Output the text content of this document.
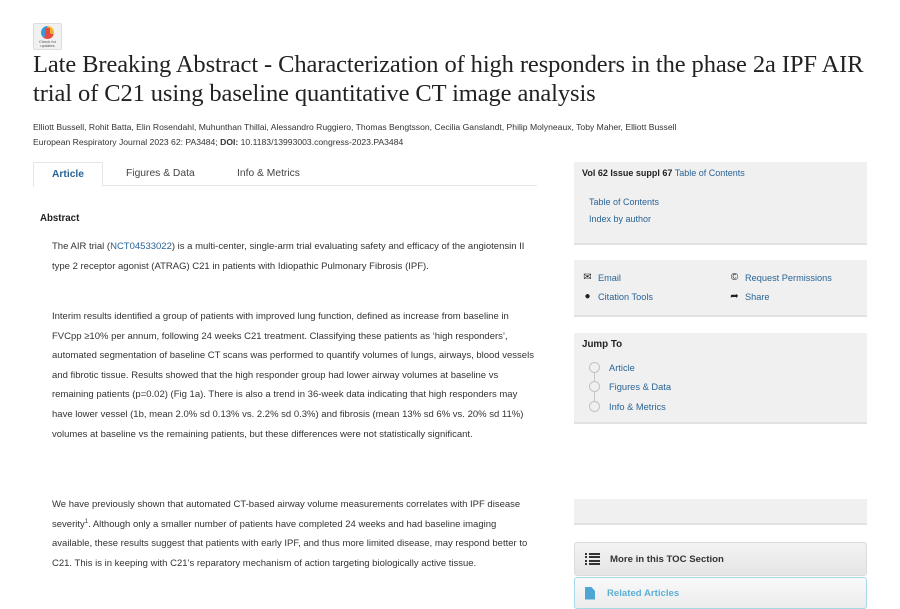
Check for updates
Late Breaking Abstract - Characterization of high responders in the phase 2a IPF AIR trial of C21 using baseline quantitative CT image analysis
Elliott Bussell, Rohit Batta, Elin Rosendahl, Muhunthan Thillai, Alessandro Ruggiero, Thomas Bengtsson, Cecilia Ganslandt, Philip Molyneaux, Toby Maher, Elliott Bussell
European Respiratory Journal 2023 62: PA3484; DOI: 10.1183/13993003.congress-2023.PA3484
Article	Figures & Data	Info & Metrics
Abstract

The AIR trial (NCT04533022) is a multi-center, single-arm trial evaluating safety and efficacy of the angiotensin II type 2 receptor agonist (ATRAG) C21 in patients with Idiopathic Pulmonary Fibrosis (IPF).

Interim results identified a group of patients with improved lung function, defined as increase from baseline in FVCpp ≥10% per annum, following 24 weeks C21 treatment. Classifying these patients as ‘high responders’, automated segmentation of baseline CT scans was performed to quantify volumes of lungs, airways, blood vessels and fibrotic tissue. Results showed that the high responder group had lower airway volumes at baseline vs remaining patients (p=0.02) (Fig 1a). There is also a trend in 36-week data indicating that high responders may have lower vessel (1b, mean 2.0% sd 0.13% vs. 2.2% sd 0.3%) and fibrosis (mean 13% sd 6% vs. 20% sd 11%) volumes at baseline vs the remaining patients, but these differences were not statistically significant.

We have previously shown that automated CT-based airway volume measurements correlates with IPF disease severity$^1$. Although only a smaller number of patients have completed 24 weeks and had baseline imaging available, these results suggest that patients with early IPF, and thus more limited disease, may respond better to C21. This is in keeping with C21’s reparatory mechanism of action targeting biologically active tissue.

Vol 62 Issue suppl 67 Table of Contents
Table of Contents
Index by author
✉ Email
● Citation Tools
© Request Permissions
➦ Share
Jump To
Article
Figures & Data
Info & Metrics
More in this TOC Section
Related Articles
